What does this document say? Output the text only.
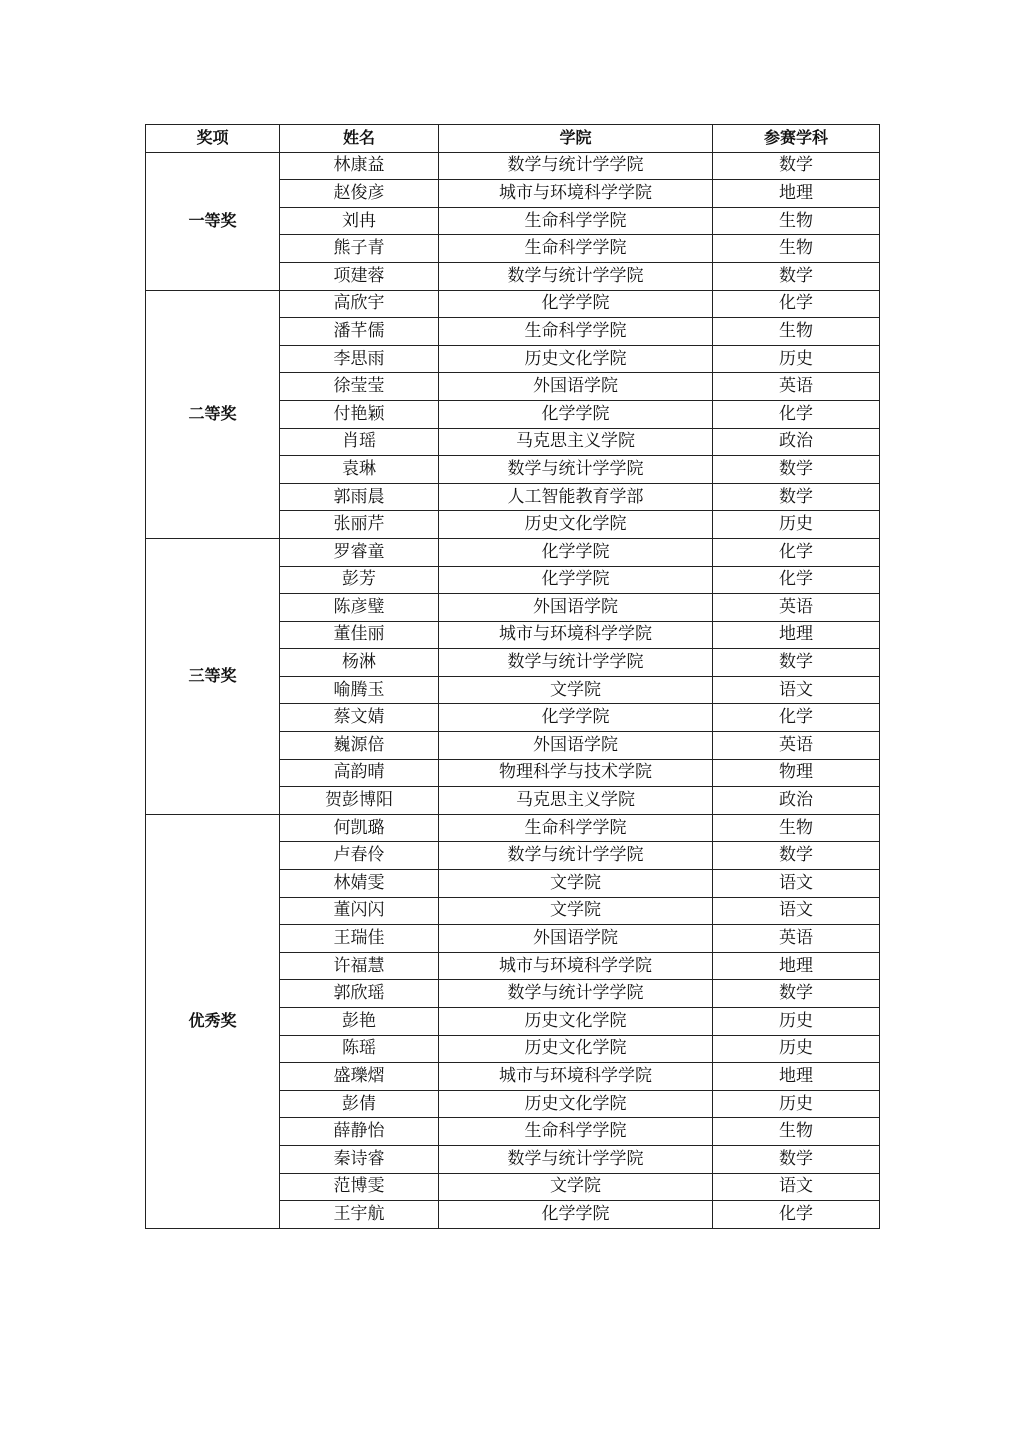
奖项	姓名	学院	参赛学科
一等奖	林康益	数学与统计学学院	数学
	赵俊彦	城市与环境科学学院	地理
	刘冉	生命科学学院	生物
	熊子青	生命科学学院	生物
	项建蓉	数学与统计学学院	数学
二等奖	高欣宇	化学学院	化学
	潘芊儒	生命科学学院	生物
	李思雨	历史文化学院	历史
	徐莹莹	外国语学院	英语
	付艳颖	化学学院	化学
	肖瑶	马克思主义学院	政治
	袁琳	数学与统计学学院	数学
	郭雨晨	人工智能教育学部	数学
	张丽芹	历史文化学院	历史
三等奖	罗睿童	化学学院	化学
	彭芳	化学学院	化学
	陈彦璧	外国语学院	英语
	董佳丽	城市与环境科学学院	地理
	杨淋	数学与统计学学院	数学
	喻腾玉	文学院	语文
	蔡文婧	化学学院	化学
	巍源倍	外国语学院	英语
	高韵晴	物理科学与技术学院	物理
	贺彭博阳	马克思主义学院	政治
优秀奖	何凯璐	生命科学学院	生物
	卢春伶	数学与统计学学院	数学
	林婧雯	文学院	语文
	董闪闪	文学院	语文
	王瑞佳	外国语学院	英语
	许福慧	城市与环境科学学院	地理
	郭欣瑶	数学与统计学学院	数学
	彭艳	历史文化学院	历史
	陈瑶	历史文化学院	历史
	盛瓅熠	城市与环境科学学院	地理
	彭倩	历史文化学院	历史
	薛静怡	生命科学学院	生物
	秦诗睿	数学与统计学学院	数学
	范博雯	文学院	语文
	王宇航	化学学院	化学
